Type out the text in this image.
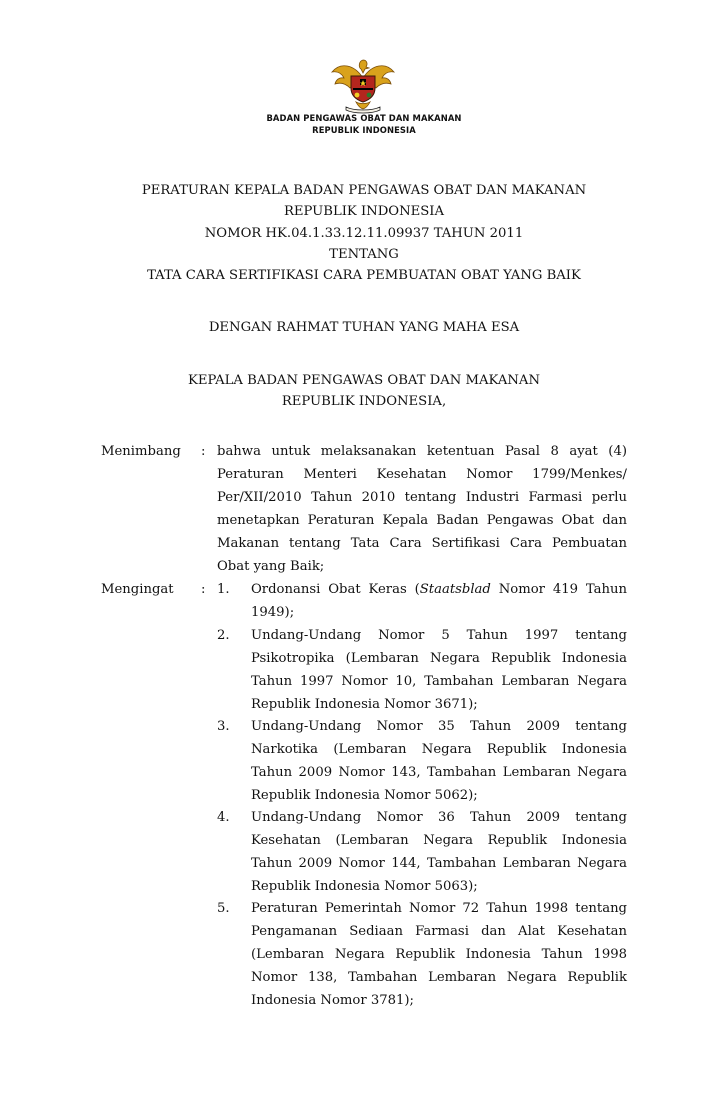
BADAN PENGAWAS OBAT DAN MAKANAN
REPUBLIK INDONESIA
PERATURAN KEPALA BADAN PENGAWAS OBAT DAN MAKANAN
REPUBLIK INDONESIA
NOMOR HK.04.1.33.12.11.09937 TAHUN 2011
TENTANG
TATA CARA SERTIFIKASI CARA PEMBUATAN OBAT YANG BAIK
DENGAN RAHMAT TUHAN YANG MAHA ESA
KEPALA BADAN PENGAWAS OBAT DAN MAKANAN
REPUBLIK INDONESIA,
Menimbang : bahwa untuk melaksanakan ketentuan Pasal 8 ayat (4) Peraturan Menteri Kesehatan Nomor 1799/Menkes/ Per/XII/2010 Tahun 2010 tentang Industri Farmasi perlu menetapkan Peraturan Kepala Badan Pengawas Obat dan Makanan tentang Tata Cara Sertifikasi Cara Pembuatan Obat yang Baik;
Mengingat : 1. Ordonansi Obat Keras (Staatsblad Nomor 419 Tahun 1949);
2. Undang-Undang Nomor 5 Tahun 1997 tentang Psikotropika (Lembaran Negara Republik Indonesia Tahun 1997 Nomor 10, Tambahan Lembaran Negara Republik Indonesia Nomor 3671);
3. Undang-Undang Nomor 35 Tahun 2009 tentang Narkotika (Lembaran Negara Republik Indonesia Tahun 2009 Nomor 143, Tambahan Lembaran Negara Republik Indonesia Nomor 5062);
4. Undang-Undang Nomor 36 Tahun 2009 tentang Kesehatan (Lembaran Negara Republik Indonesia Tahun 2009 Nomor 144, Tambahan Lembaran Negara Republik Indonesia Nomor 5063);
5. Peraturan Pemerintah Nomor 72 Tahun 1998 tentang Pengamanan Sediaan Farmasi dan Alat Kesehatan (Lembaran Negara Republik Indonesia Tahun 1998 Nomor 138, Tambahan Lembaran Negara Republik Indonesia Nomor 3781);
